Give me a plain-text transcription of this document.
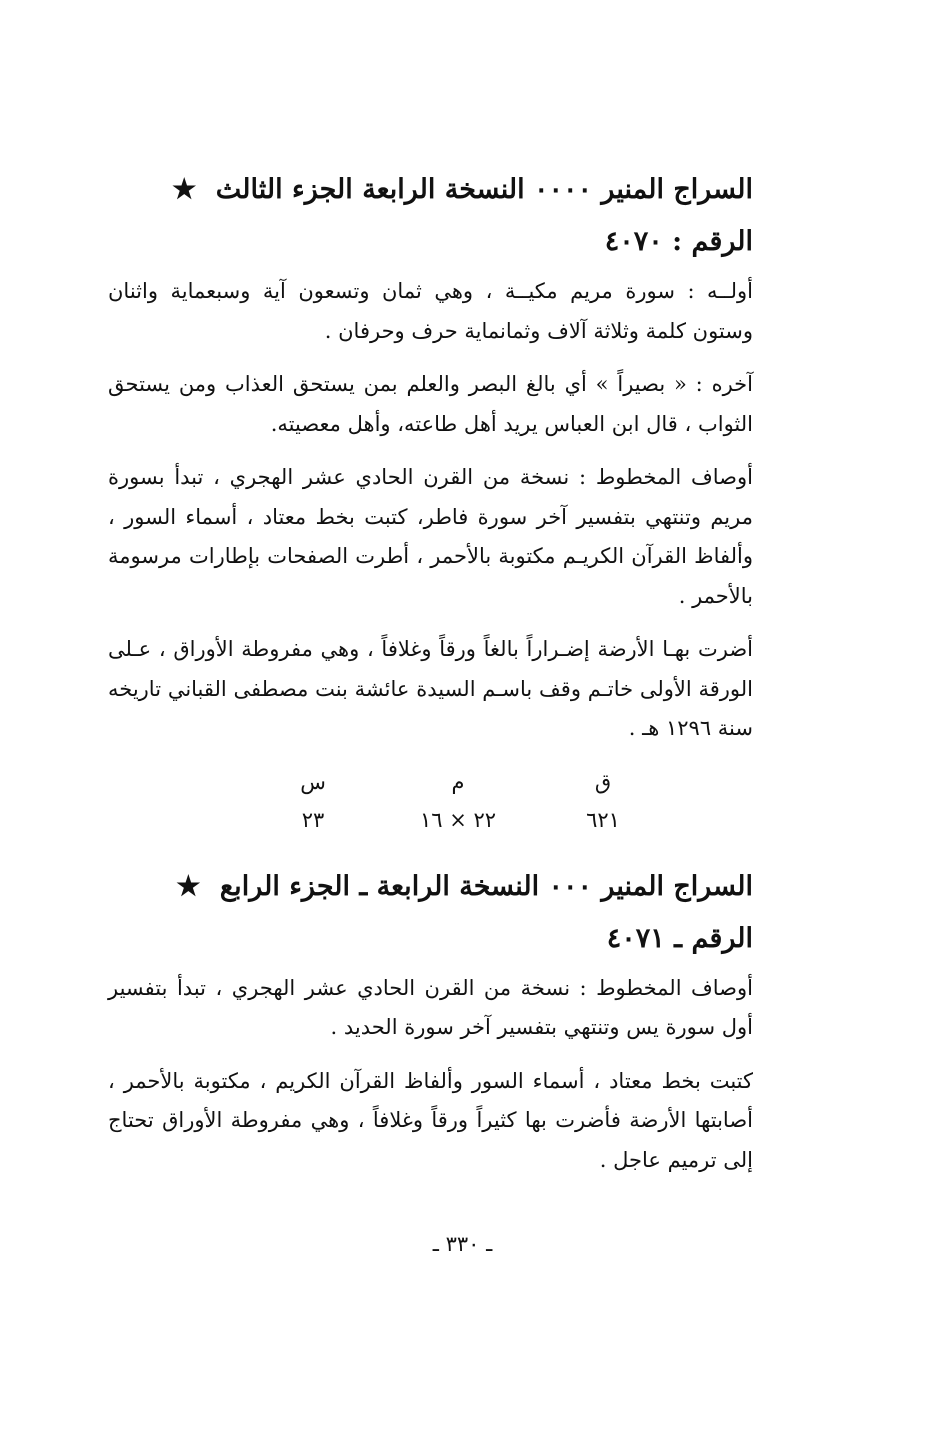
السراج المنير ٠٠٠٠ النسخة الرابعة الجزء الثالث ★
الرقم : ٤٠٧٠

أولــه : سورة مريم مكيــة ، وهي ثمان وتسعون آية وسبعماية واثنان وستون كلمة وثلاثة آلاف وثمانماية حرف وحرفان .

آخره : « بصيراً » أي بالغ البصر والعلم بمن يستحق العذاب ومن يستحق الثواب ، قال ابن العباس يريد أهل طاعته، وأهل معصيته.

أوصاف المخطوط : نسخة من القرن الحادي عشر الهجري ، تبدأ بسورة مريم وتنتهي بتفسير آخر سورة فاطر، كتبت بخط معتاد ، أسماء السور ، وألفاظ القرآن الكريـم مكتوبة بالأحمر ، أطرت الصفحات بإطارات مرسومة بالأحمر .

أضرت بهـا الأرضة إضـراراً بالغاً ورقاً وغلافاً ، وهي مفروطة الأوراق ، عـلى الورقة الأولى خاتـم وقف باسـم السيدة عائشة بنت مصطفى القباني تاريخه سنة ١٢٩٦ هـ .

ق
٦٢١
م
٢٢ × ١٦
س
٢٣
السراج المنير ٠٠٠ النسخة الرابعة ـ الجزء الرابع ★
الرقم ـ ٤٠٧١

أوصاف المخطوط : نسخة من القرن الحادي عشر الهجري ، تبدأ بتفسير أول سورة يس وتنتهي بتفسير آخر سورة الحديد .

كتبت بخط معتاد ، أسماء السور وألفاظ القرآن الكريم ، مكتوبة بالأحمر ، أصابتها الأرضة فأضرت بها كثيراً ورقاً وغلافاً ، وهي مفروطة الأوراق تحتاج إلى ترميم عاجل .

ـ ٣٣٠ ـ
